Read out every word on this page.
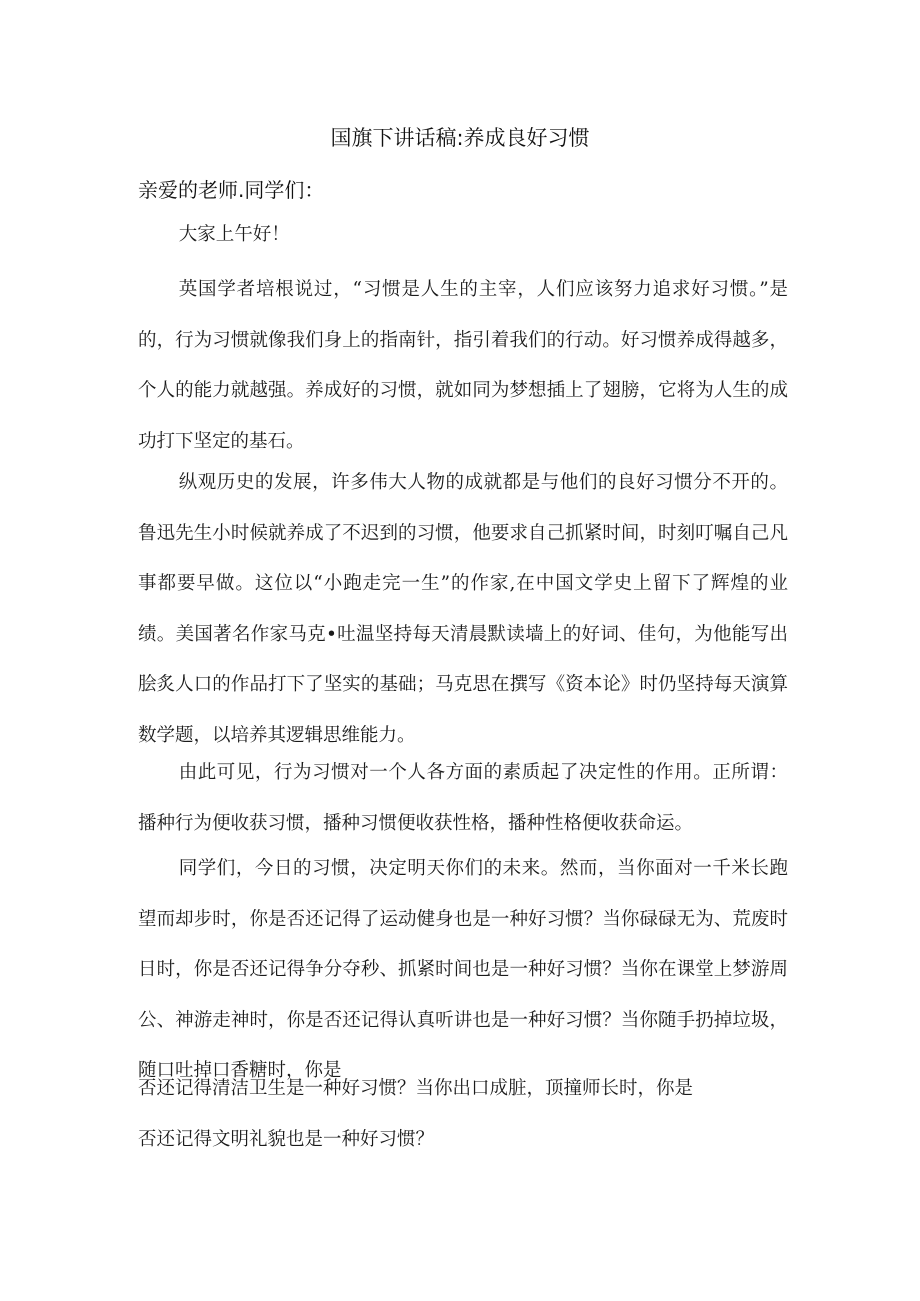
国旗下讲话稿:养成良好习惯
亲爱的老师.同学们：
大家上午好！

英国学者培根说过，“习惯是人生的主宰，人们应该努力追求好习惯。”是的，行为习惯就像我们身上的指南针，指引着我们的行动。好习惯养成得越多，个人的能力就越强。养成好的习惯，就如同为梦想插上了翅膀，它将为人生的成功打下坚定的基石。

纵观历史的发展，许多伟大人物的成就都是与他们的良好习惯分不开的。鲁迅先生小时候就养成了不迟到的习惯，他要求自己抓紧时间，时刻叮嘱自己凡事都要早做。这位以“小跑走完一生”的作家,在中国文学史上留下了辉煌的业绩。美国著名作家马克•吐温坚持每天清晨默读墙上的好词、佳句，为他能写出脍炙人口的作品打下了坚实的基础；马克思在撰写《资本论》时仍坚持每天演算数学题，以培养其逻辑思维能力。

由此可见，行为习惯对一个人各方面的素质起了决定性的作用。正所谓：播种行为便收获习惯，播种习惯便收获性格，播种性格便收获命运。

同学们，今日的习惯，决定明天你们的未来。然而，当你面对一千米长跑望而却步时，你是否还记得了运动健身也是一种好习惯？当你碌碌无为、荒废时日时，你是否还记得争分夺秒、抓紧时间也是一种好习惯？当你在课堂上梦游周公、神游走神时，你是否还记得认真听讲也是一种好习惯？当你随手扔掉垃圾，随口吐掉口香糖时，你是

否还记得清洁卫生是一种好习惯？当你出口成脏，顶撞师长时，你是

否还记得文明礼貌也是一种好习惯？
